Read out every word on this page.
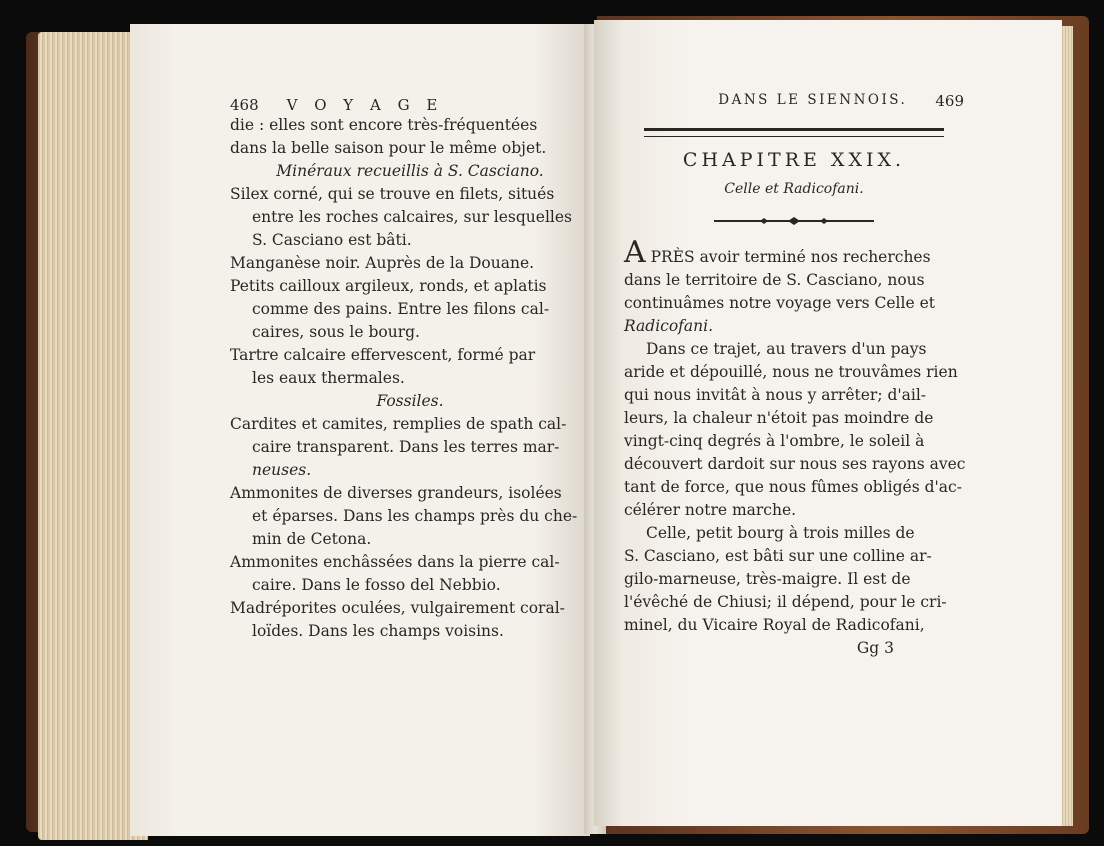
468 V O Y A G E
die : elles sont encore très-fréquentées
dans la belle saison pour le même objet.
Minéraux recueillis à S. Casciano.
Silex corné, qui se trouve en filets, situés
entre les roches calcaires, sur lesquelles
S. Casciano est bâti.
Manganèse noir. Auprès de la Douane.
Petits cailloux argileux, ronds, et aplatis
comme des pains. Entre les filons cal-
caires, sous le bourg.
Tartre calcaire effervescent, formé par
les eaux thermales.
Fossiles.
Cardites et camites, remplies de spath cal-
caire transparent. Dans les terres mar-
neuses.
Ammonites de diverses grandeurs, isolées
et éparses. Dans les champs près du che-
min de Cetona.
Ammonites enchâssées dans la pierre cal-
caire. Dans le fosso del Nebbio.
Madréporites oculées, vulgairement coral-
loïdes. Dans les champs voisins.
DANS LE SIENNOIS. 469
CHAPITRE XXIX.
Celle et Radicofani.
A PRÈS avoir terminé nos recherches
dans le territoire de S. Casciano, nous
continuâmes notre voyage vers Celle et
Radicofani.
Dans ce trajet, au travers d'un pays
aride et dépouillé, nous ne trouvâmes rien
qui nous invitât à nous y arrêter; d'ail-
leurs, la chaleur n'étoit pas moindre de
vingt-cinq degrés à l'ombre, le soleil à
découvert dardoit sur nous ses rayons avec
tant de force, que nous fûmes obligés d'ac-
célérer notre marche.
Celle, petit bourg à trois milles de
S. Casciano, est bâti sur une colline ar-
gilo-marneuse, très-maigre. Il est de
l'évêché de Chiusi; il dépend, pour le cri-
minel, du Vicaire Royal de Radicofani,
Gg 3
